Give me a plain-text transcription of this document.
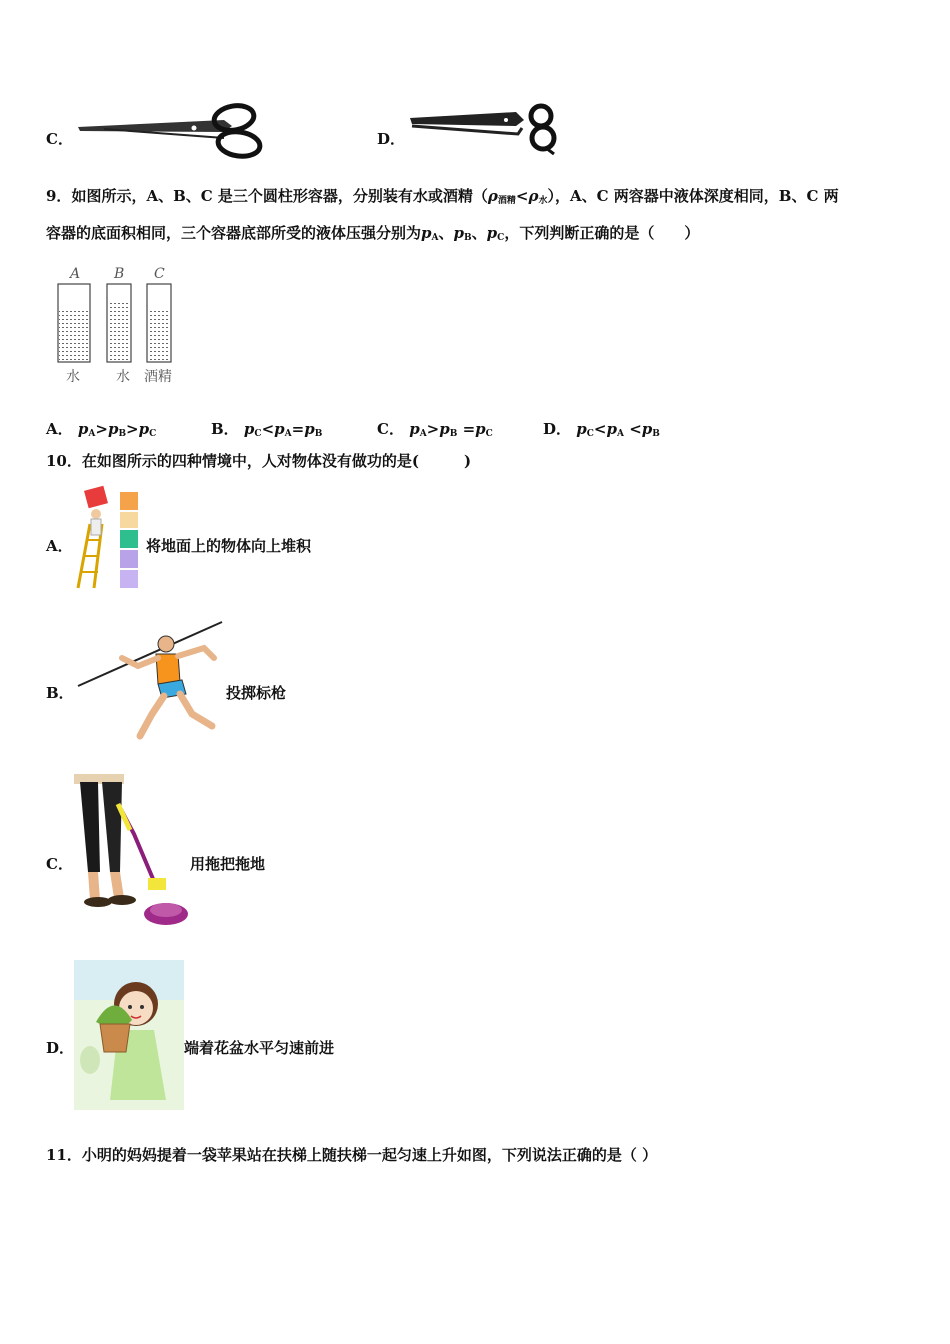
C．	D．
9．如图所示，A、B、C 是三个圆柱形容器，分别装有水或酒精$(\rho_{酒精}<\rho_水)$，A、C 两容器中液体深度相同，B、C 两
容器的底面积相同，三个容器底部所受的液体压强分别为$p_A$、$p_B$、$p_C$，下列判断正确的是（　　）
A B C
水	水 酒精
A． $p_A>p_B>p_C$	B． $p_C<p_A=p_B$	C． $p_A>p_B =p_C$	D． $p_C<p_A <p_B$
10．在如图所示的四种情境中，人对物体没有做功的是(　　　)
A．	将地面上的物体向上堆积
B．	投掷标枪
C．	用拖把拖地
D．	端着花盆水平匀速前进
11．小明的妈妈提着一袋苹果站在扶梯上随扶梯一起匀速上升如图，下列说法正确的是（ ）
